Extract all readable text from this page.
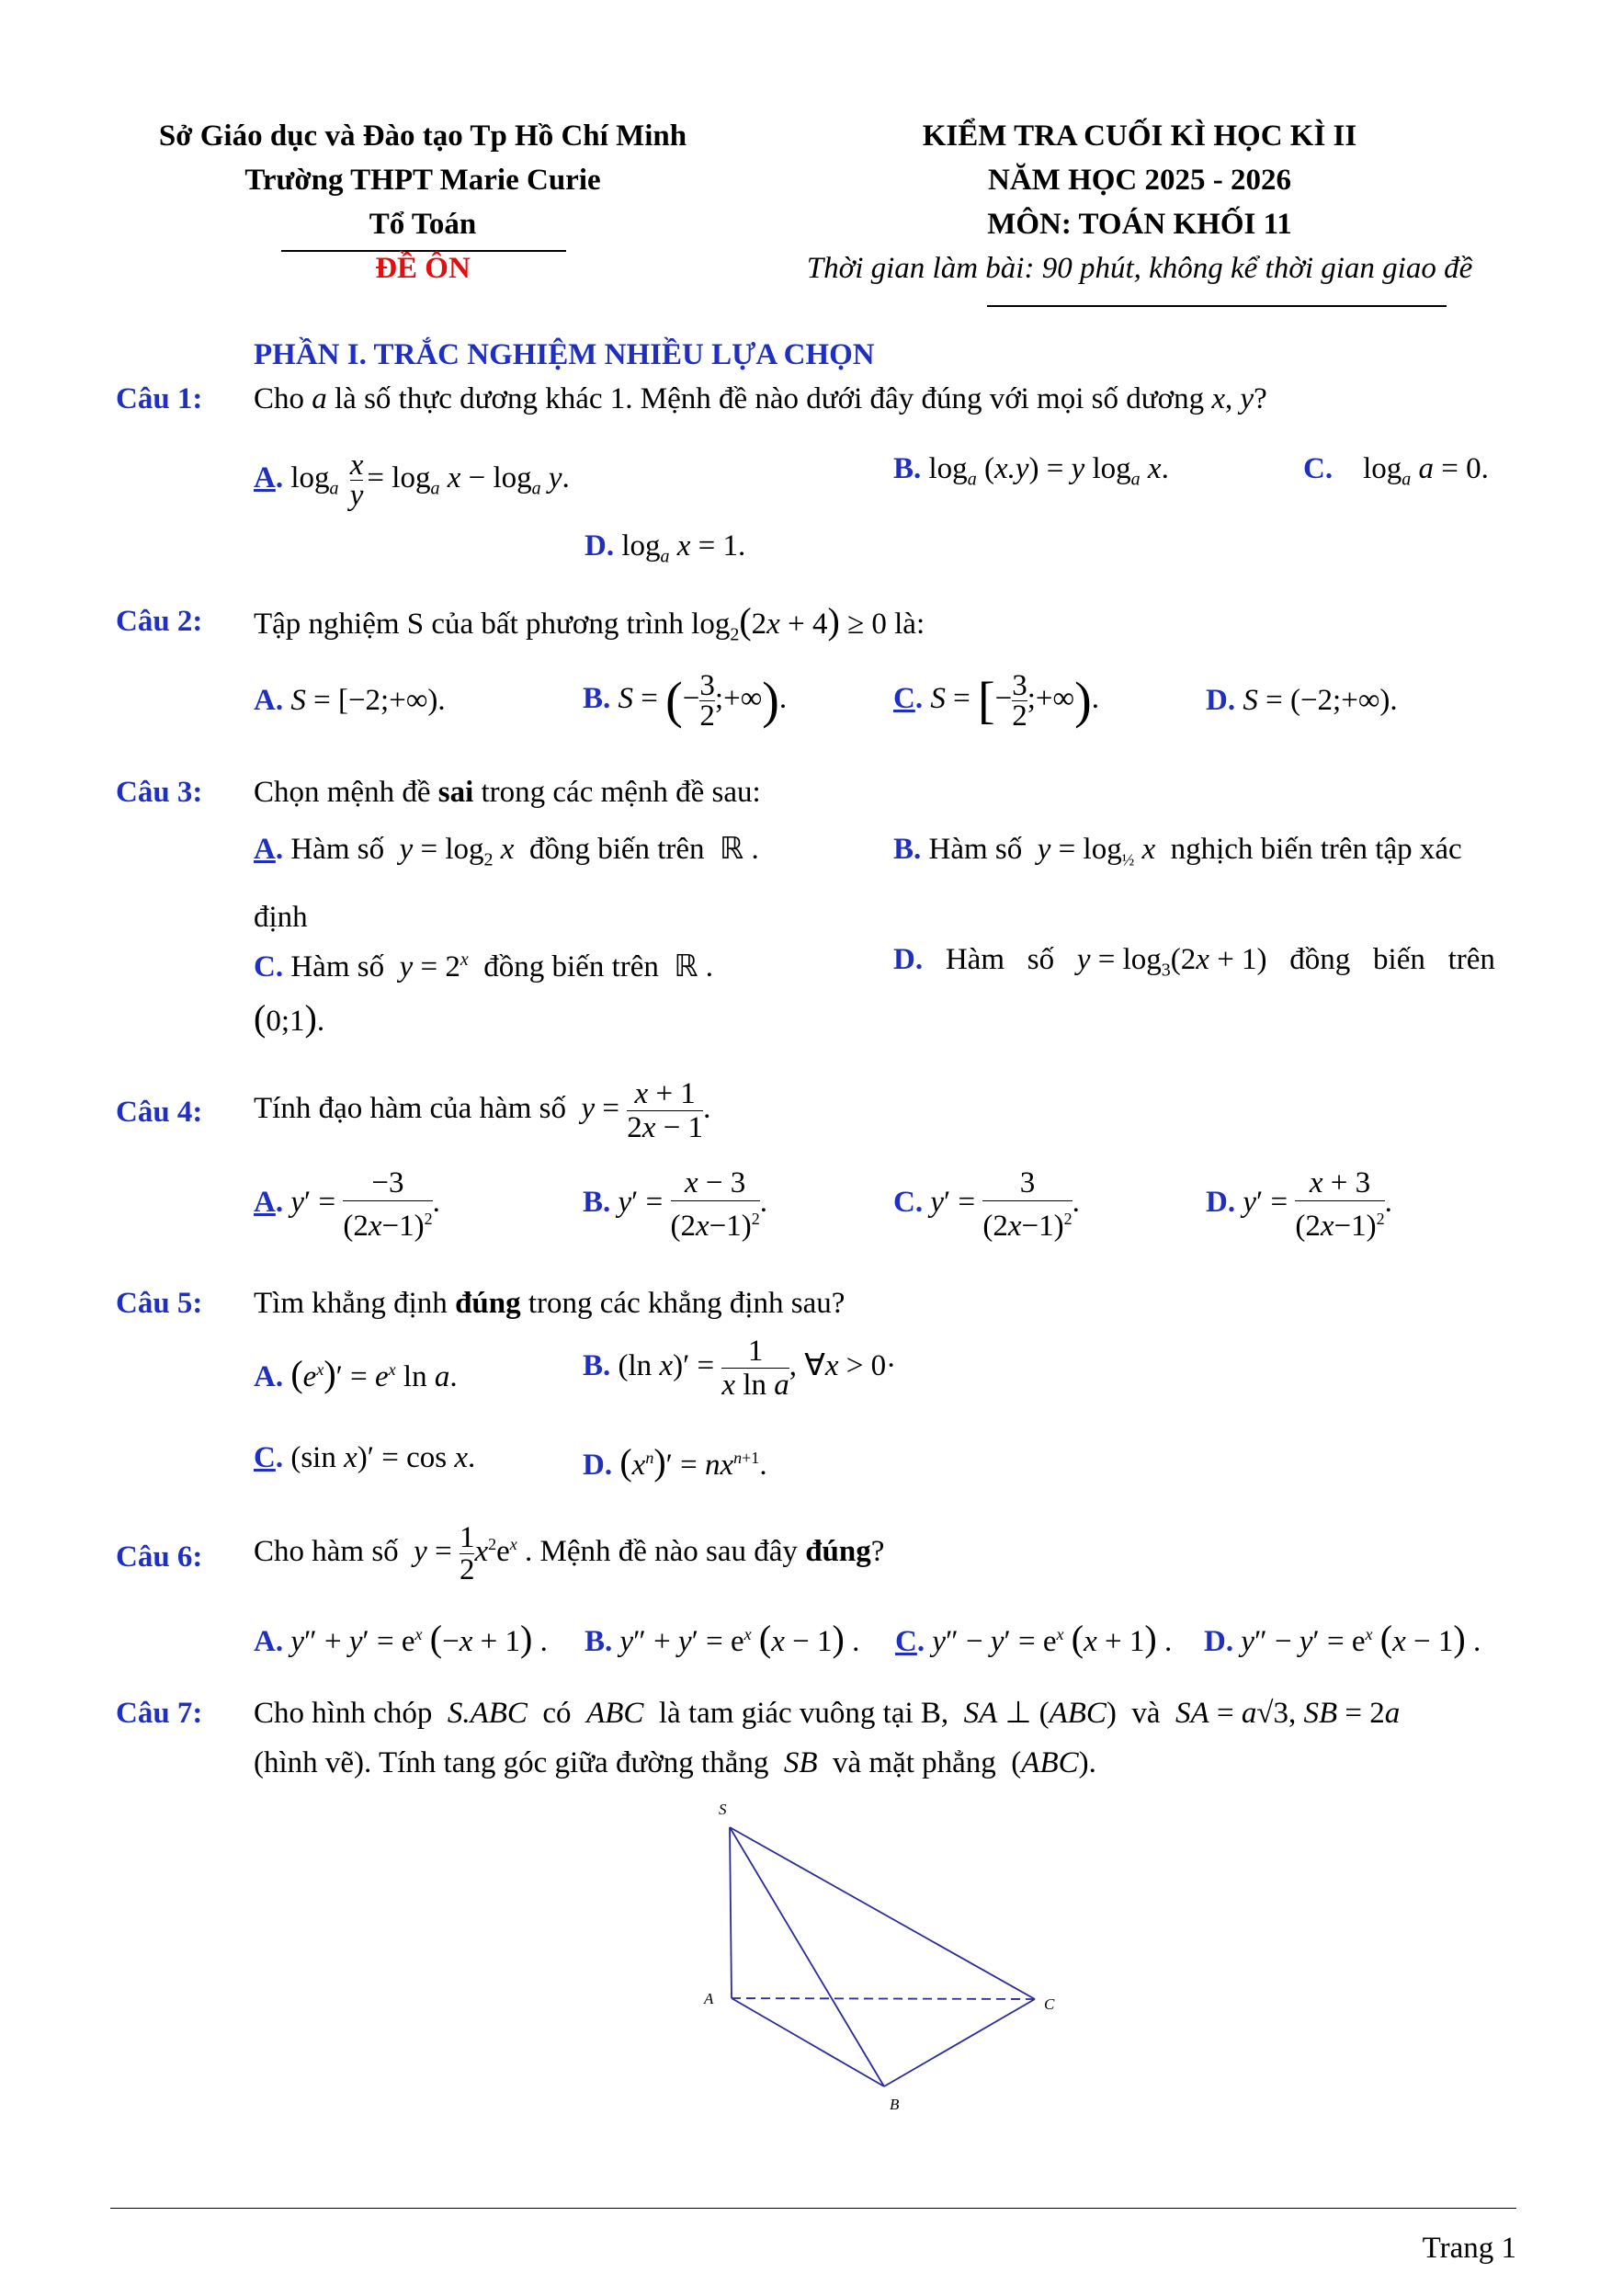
Sở Giáo dục và Đào tạo Tp Hồ Chí Minh
Trường THPT Marie Curie
Tổ Toán
ĐỀ ÔN
KIỂM TRA CUỐI KÌ HỌC KÌ II
NĂM HỌC 2025 - 2026
MÔN: TOÁN KHỐI 11
Thời gian làm bài: 90 phút, không kể thời gian giao đề
PHẦN I. TRẮC NGHIỆM NHIỀU LỰA CHỌN
Câu 1: Cho a là số thực dương khác 1. Mệnh đề nào dưới đây đúng với mọi số dương x, y?
A. $\log_a \frac{x}{y} = \log_a x - \log_a y$.	B. $\log_a (x.y) = y$ $\log_a x$.	C.    $\log_a a = 0$.
D. $\log_a x = 1$.
Câu 2: Tập nghiệm S của bất phương trình $\log_2(2x + 4) \ge 0$ là:
A. S = [−2;+∞).	B. S = (− $\frac{3}{2}$ ;+∞).	C. S = [− $\frac{3}{2}$ ;+∞).	D. S = (−2;+∞).
Câu 3: Chọn mệnh đề sai trong các mệnh đề sau:
A. Hàm số  $y = \log_2 x$  đồng biến trên  ℝ .	B. Hàm số  $y = \log_{\frac{1}{2}} x$  nghịch biến trên tập xác
định
C. Hàm số  $y = 2^x$  đồng biến trên  ℝ .	D.   Hàm   số   $y = \log_3(2x + 1)$   đồng   biến   trên
(0;1).
Câu 4: Tính đạo hàm của hàm số  $y = \frac{x + 1}{2x - 1}$ .
A. $y' = \frac{-3}{(2x-1)^2}$ .	B. $y' = \frac{x - 3}{(2x-1)^2}$ .	C. $y' = \frac{3}{(2x-1)^2}$ .	D. $y' = \frac{x + 3}{(2x-1)^2}$ .
Câu 5: Tìm khẳng định đúng trong các khẳng định sau?
A. $(e^x)' = e^x$ ln a.	B. (ln $x)' = \frac{1}{\text{x ln a}}$ , ∀x > 0·
C. (sin x)′ = cos x.	D. $(x^n)' = nx^{n+1}$.
Câu 6: Cho hàm số  $y = \frac{1}{2} x^2e^x$ . Mệnh đề nào sau đây đúng?
A. $y'' + y' = e^x$ (−x + 1) . B. $y'' + y' = e^x$ (x − 1) . C. $y'' - y' = e^x$ (x + 1) . D. $y'' - y' = e^x$ (x − 1) .
Câu 7: Cho hình chóp  S.ABC  có  ABC  là tam giác vuông tại B,  SA ⊥ (ABC)  và  SA = a√3, SB = 2a
(hình vẽ). Tính tang góc giữa đường thẳng  SB  và mặt phẳng  (ABC).
S
A	C
B
Trang 1
